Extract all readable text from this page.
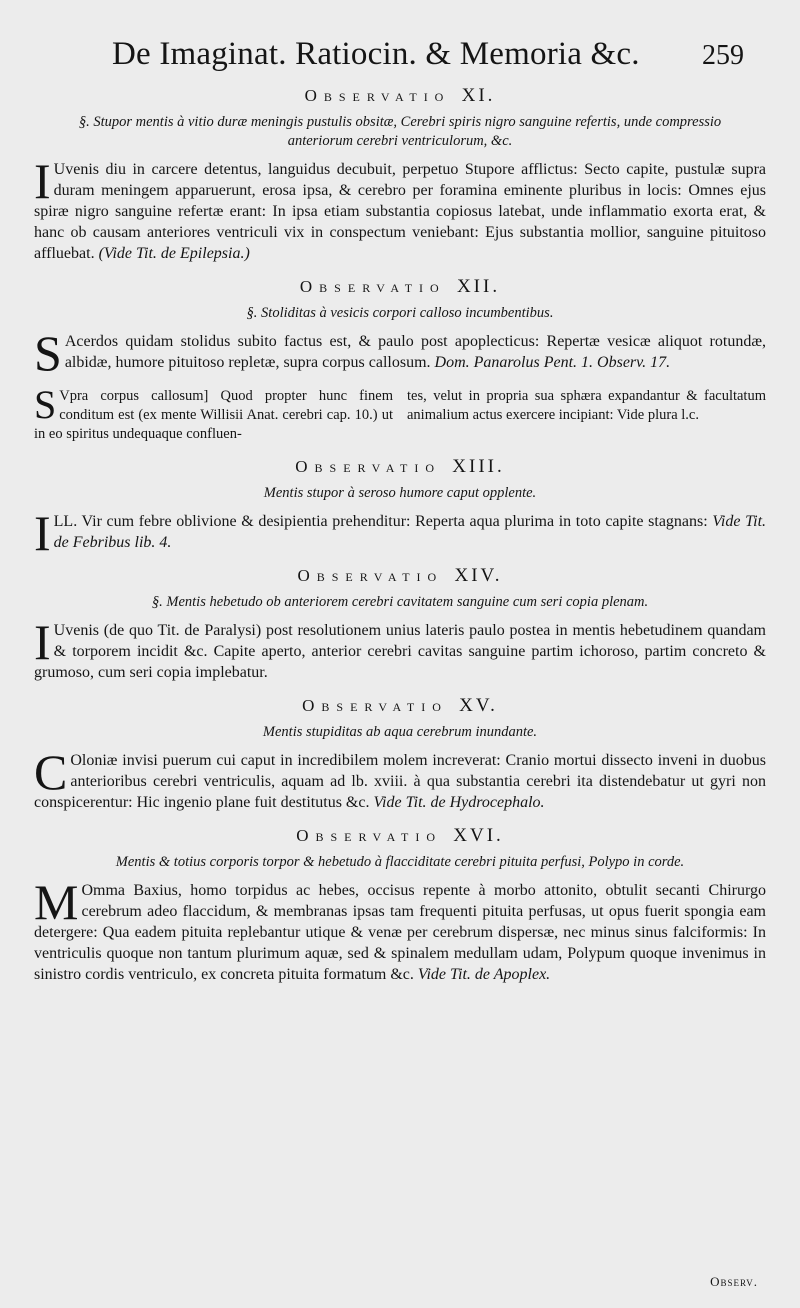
De Imaginat. Ratiocin. & Memoria &c. 259
Observatio XI.
§. Stupor mentis à vitio duræ meningis pustulis obsitæ, Cerebri spiris nigro sanguine refertis, unde compressio anteriorum cerebri ventriculorum, &c.

I Uvenis diu in carcere detentus, languidus decubuit, perpetuo Stupore afflictus: Secto capite, pustulæ supra duram meningem apparuerunt, erosa ipsa, & cerebro per foramina eminente pluribus in locis: Omnes ejus spiræ nigro sanguine refertæ erant: In ipsa etiam substantia copiosus latebat, unde inflammatio exorta erat, & hanc ob causam anteriores ventriculi vix in conspectum veniebant: Ejus substantia mollior, sanguine pituitoso affluebat. (Vide Tit. de Epilepsia.)

Observatio XII.
§. Stoliditas à vesicis corpori calloso incumbentibus.

S Acerdos quidam stolidus subito factus est, & paulo post apoplecticus: Repertæ vesicæ aliquot rotundæ, albidæ, humore pituitoso repletæ, supra corpus callosum. Dom. Panarolus Pent. 1. Observ. 17.

S Vpra corpus callosum] Quod propter hunc finem conditum est (ex mente Willisii Anat. cerebri cap. 10.) ut in eo spiritus undequaque confluen-

tes, velut in propria sua sphæra expandantur & facultatum animalium actus exercere incipiant: Vide plura l.c.

Observatio XIII.
Mentis stupor à seroso humore caput opplente.

ILL. Vir cum febre oblivione & desipientia prehenditur: Reperta aqua plurima in toto capite stagnans: Vide Tit. de Febribus lib. 4.

Observatio XIV.
§. Mentis hebetudo ob anteriorem cerebri cavitatem sanguine cum seri copia plenam.

I Uvenis (de quo Tit. de Paralysi) post resolutionem unius lateris paulo postea in mentis hebetudinem quandam & torporem incidit &c. Capite aperto, anterior cerebri cavitas sanguine partim ichoroso, partim concreto & grumoso, cum seri copia implebatur.

Observatio XV.
Mentis stupiditas ab aqua cerebrum inundante.

C Oloniæ invisi puerum cui caput in incredibilem molem increverat: Cranio mortui dissecto inveni in duobus anterioribus cerebri ventriculis, aquam ad lb. xviii. à qua substantia cerebri ita distendebatur ut gyri non conspicerentur: Hic ingenio plane fuit destitutus &c. Vide Tit. de Hydrocephalo.

Observatio XVI.
Mentis & totius corporis torpor & hebetudo à flacciditate cerebri pituita perfusi, Polypo in corde.

M Omma Baxius, homo torpidus ac hebes, occisus repente à morbo attonito, obtulit secanti Chirurgo cerebrum adeo flaccidum, & membranas ipsas tam frequenti pituita perfusas, ut opus fuerit spongia eam detergere: Qua eadem pituita replebantur utique & venæ per cerebrum dispersæ, nec minus sinus falciformis: In ventriculis quoque non tantum plurimum aquæ, sed & spinalem medullam udam, Polypum quoque invenimus in sinistro cordis ventriculo, ex concreta pituita formatum &c. Vide Tit. de Apoplex.

Observ.
